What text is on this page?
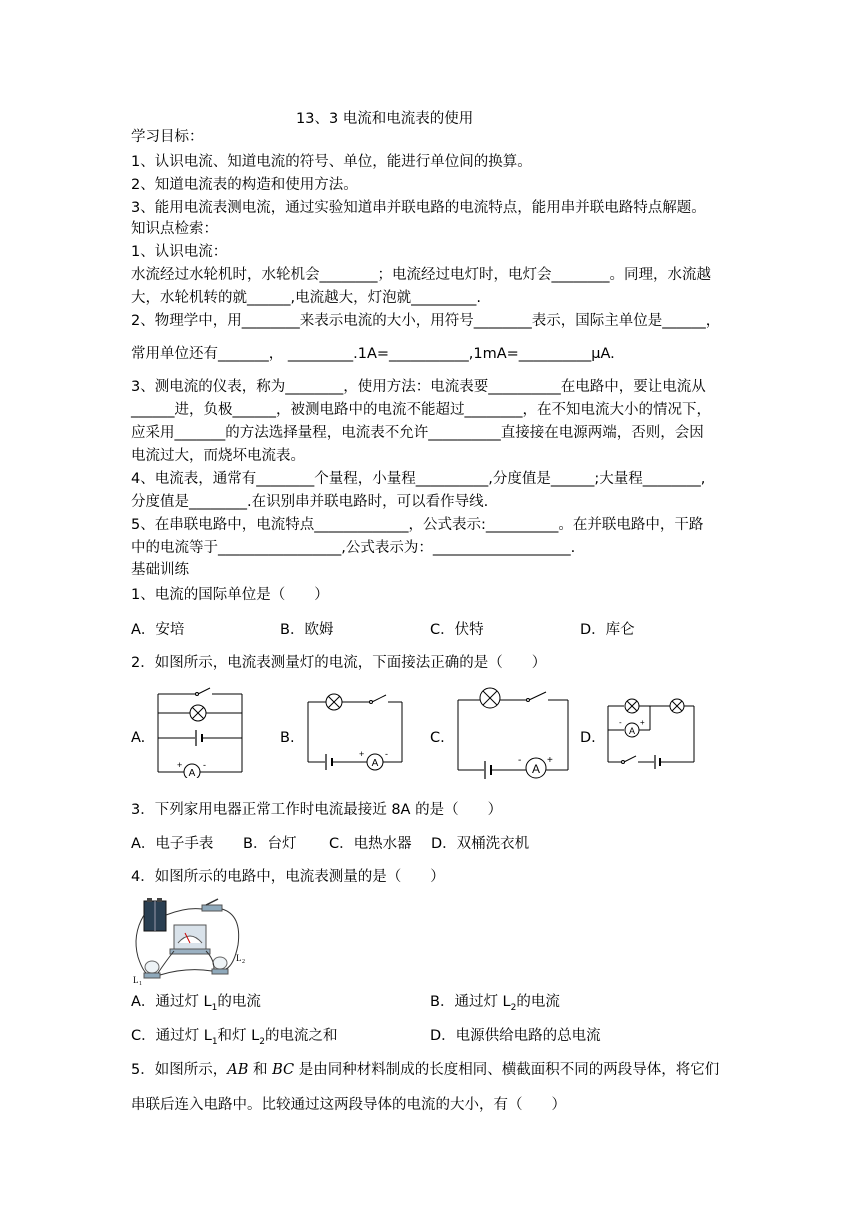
13、3 电流和电流表的使用
学习目标：
1、认识电流、知道电流的符号、单位，能进行单位间的换算。
2、知道电流表的构造和使用方法。
3、能用电流表测电流，通过实验知道串并联电路的电流特点，能用串并联电路特点解题。
知识点检索：
1、认识电流：
水流经过水轮机时，水轮机会________；电流经过电灯时，电灯会________。同理，水流越
大，水轮机转的就______,电流越大，灯泡就_________.
2、物理学中，用________来表示电流的大小，用符号________表示，国际主单位是______，
常用单位还有_______， _________.1A=___________,1mA=__________μA.
3、测电流的仪表，称为________，使用方法：电流表要__________在电路中，要让电流从
______进，负极______，被测电路中的电流不能超过________，在不知电流大小的情况下，
应采用_______的方法选择量程，电流表不允许__________直接接在电源两端，否则，会因
电流过大，而烧坏电流表。
4、电流表，通常有________个量程，小量程__________,分度值是______;大量程________,
分度值是________.在识别串并联电路时，可以看作导线.
5、在串联电路中，电流特点_____________，公式表示:__________。在并联电路中，干路
中的电流等于_________________,公式表示为：___________________.
基础训练
1、电流的国际单位是（　　）
A．安培	B．欧姆	C．伏特	D．库仑
2．如图所示，电流表测量灯的电流，下面接法正确的是（　　）
A.
A
+ -
B.
A
+ -
C.
A
-	+
D.	A
- +
3．下列家用电器正常工作时电流最接近 8A 的是（　　）
A．电子手表 B．台灯 C．电热水器 D．双桶洗衣机
4．如图所示的电路中，电流表测量的是（　　）
L 1
L 2
A．通过灯 $L_1$的电流	B．通过灯 $L_2$的电流
C．通过灯 $L_1$和灯 $L_2$的电流之和	D．电源供给电路的总电流
5．如图所示，AB 和 BC 是由同种材料制成的长度相同、横截面积不同的两段导体，将它们
串联后连入电路中。比较通过这两段导体的电流的大小，有（　　）
